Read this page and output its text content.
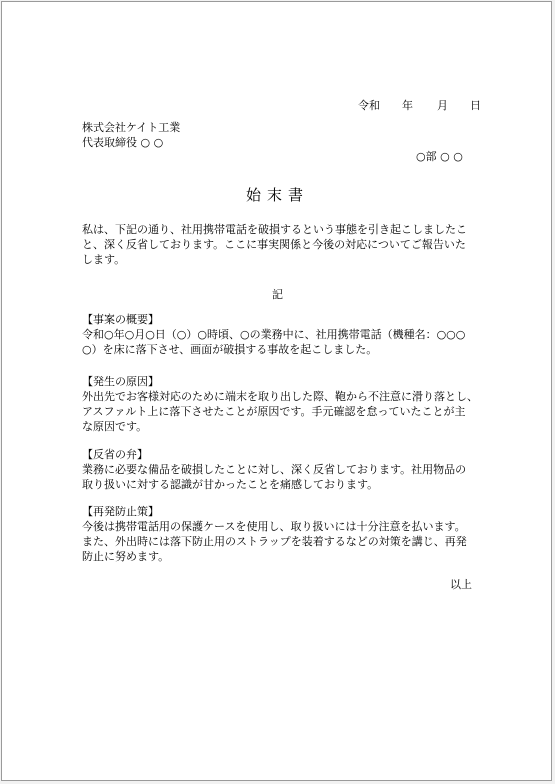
令和 年 月 日
株式会社ケイト工業
代表取締役 ○ ○
○部 ○ ○
始末書
私は、下記の通り、社用携帯電話を破損するという事態を引き起こしましたこ
と、深く反省しております。ここに事実関係と今後の対応についてご報告いた
します。
記
【事案の概要】
令和○年○月○日（○）○時頃、○の業務中に、社用携帯電話（機種名：○○○
○）を床に落下させ、画面が破損する事故を起こしました。
【発生の原因】
外出先でお客様対応のために端末を取り出した際、鞄から不注意に滑り落とし、
アスファルト上に落下させたことが原因です。手元確認を怠っていたことが主
な原因です。
【反省の弁】
業務に必要な備品を破損したことに対し、深く反省しております。社用物品の
取り扱いに対する認識が甘かったことを痛感しております。
【再発防止策】
今後は携帯電話用の保護ケースを使用し、取り扱いには十分注意を払います。
また、外出時には落下防止用のストラップを装着するなどの対策を講じ、再発
防止に努めます。
以上
